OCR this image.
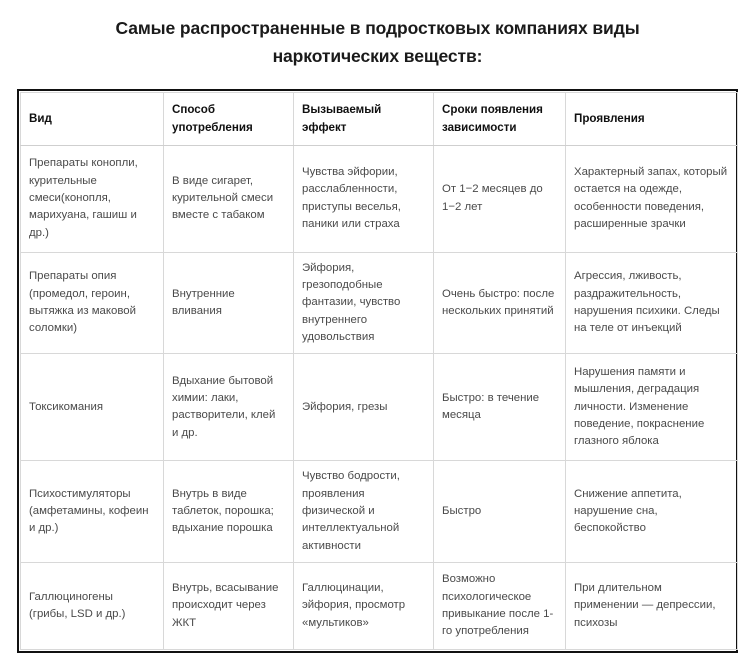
Самые распространенные в подростковых компаниях виды
наркотических веществ:
Вид	Способ употребления	Вызываемый эффект	Сроки появления зависимости	Проявления
Препараты конопли, курительные смеси(конопля, марихуана, гашиш и др.)	В виде сигарет, курительной смеси вместе с табаком	Чувства эйфории, расслабленности, приступы веселья, паники или страха	От 1−2 месяцев до 1−2 лет	Характерный запах, который остается на одежде, особенности поведения, расширенные зрачки
Препараты опия (промедол, героин, вытяжка из маковой соломки)	Внутренние вливания	Эйфория, грезоподобные фантазии, чувство внутреннего удовольствия	Очень быстро: после нескольких принятий	Агрессия, лживость, раздражительность, нарушения психики. Следы на теле от инъекций
Токсикомания	Вдыхание бытовой химии: лаки, растворители, клей и др.	Эйфория, грезы	Быстро: в течение месяца	Нарушения памяти и мышления, деградация личности. Изменение поведение, покраснение глазного яблока
Психостимуляторы (амфетамины, кофеин и др.)	Внутрь в виде таблеток, порошка; вдыхание порошка	Чувство бодрости, проявления физической и интеллектуальной активности	Быстро	Снижение аппетита, нарушение сна, беспокойство
Галлюциногены (грибы, LSD и др.)	Внутрь, всасывание происходит через ЖКТ	Галлюцинации, эйфория, просмотр «мультиков»	Возможно психологическое привыкание после 1-го употребления	При длительном применении — депрессии, психозы
